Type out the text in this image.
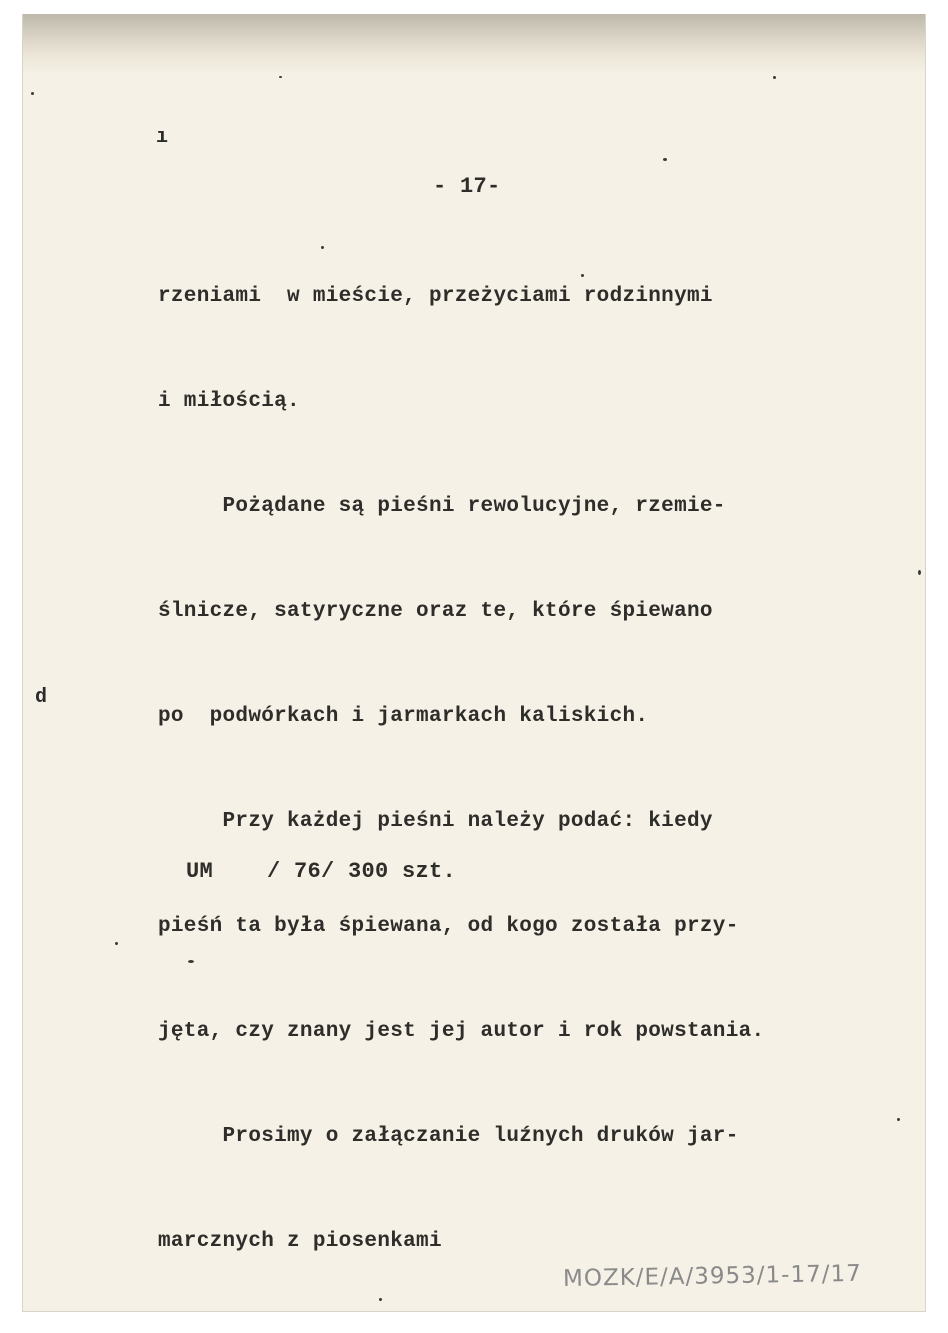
ı
d
- 17-

rzeniami  w mieście, przeżyciami rodzinnymi

i miłością.

Pożądane są pieśni rewolucyjne, rzemie-

ślnicze, satyryczne oraz te, które śpiewano

po  podwórkach i jarmarkach kaliskich.

Przy każdej pieśni należy podać: kiedy

pieśń ta była śpiewana, od kogo została przy-

jęta, czy znany jest jej autor i rok powstania.

Prosimy o załączanie luźnych druków jar-

marcznych z piosenkami

UM    / 76/ 300 szt.
MOZK/E/A/3953/1-17/17
